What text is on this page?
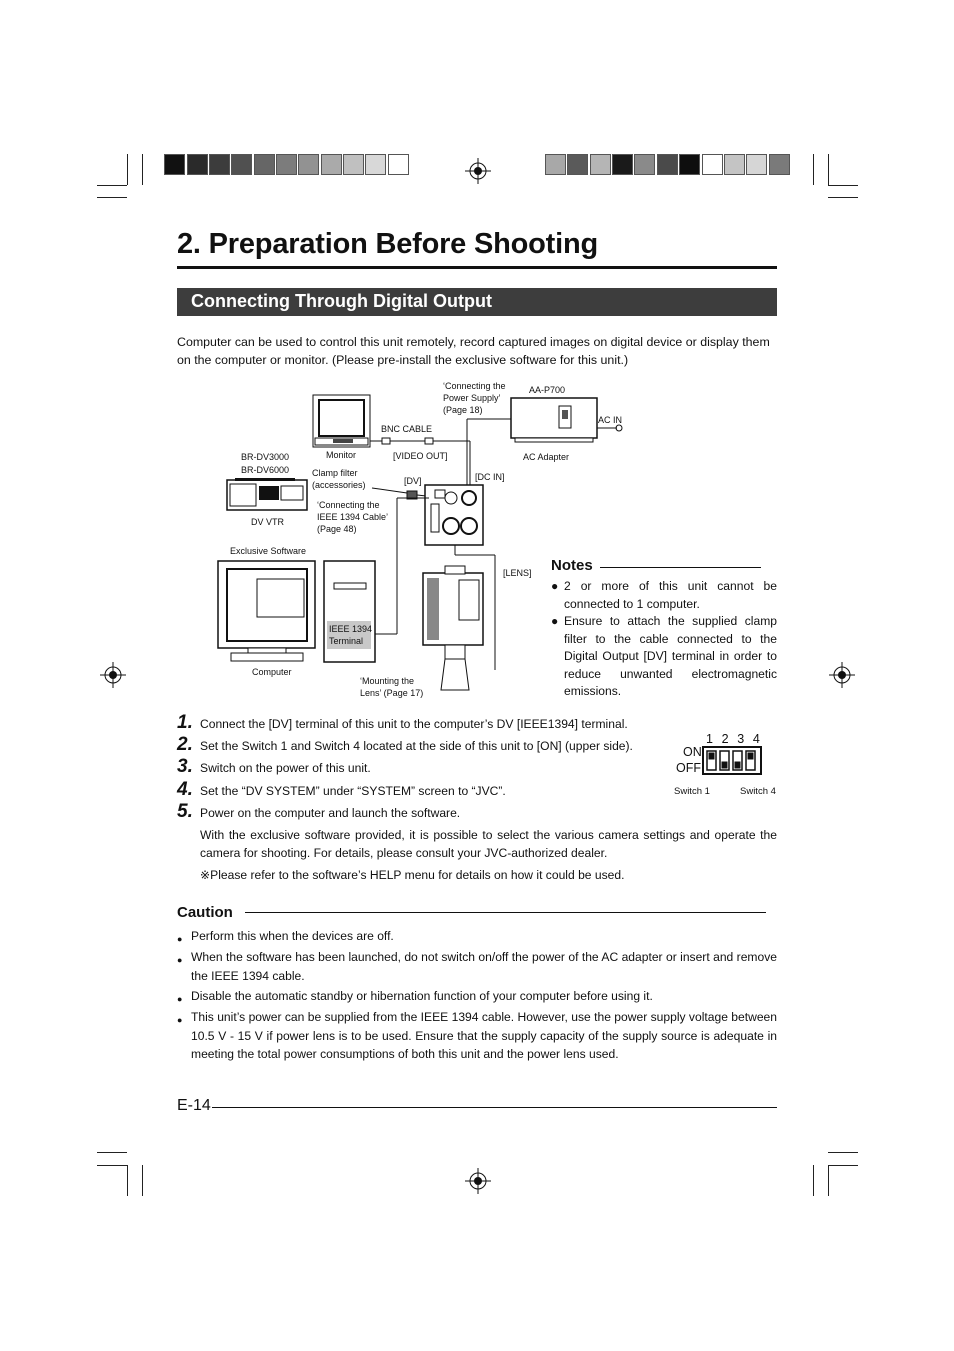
2. Preparation Before Shooting
Connecting Through Digital Output
Computer can be used to control this unit remotely, record captured images on digital device or display them on the computer or monitor. (Please pre-install the exclusive software for this unit.)
‘Connecting the
Power Supply’
(Page 18)
AA-P700
AC IN
AC Adapter
BNC CABLE
Monitor	[VIDEO OUT]
BR-DV3000
BR-DV6000	Clamp filter
(accessories)	[DV]	[DC IN]
‘Connecting the
IEEE 1394 Cable’
(Page 48)
DV VTR
Exclusive Software
[LENS]
IEEE 1394
Terminal
Computer
‘Mounting the
Lens’ (Page 17)
Notes
● 2 or more of this unit cannot be connected to 1 computer.
● Ensure to attach the supplied clamp filter to the cable connected to the Digital Output [DV] terminal in order to reduce unwanted electromagnetic emissions.
1. Connect the [DV] terminal of this unit to the computer’s DV [IEEE1394] terminal.
2. Set the Switch 1 and Switch 4 located at the side of this unit to [ON] (upper side).
3. Switch on the power of this unit.
4. Set the “DV SYSTEM” under “SYSTEM” screen to “JVC”.
5. Power on the computer and launch the software.
With the exclusive software provided, it is possible to select the various camera settings and operate the camera for shooting. For details, please consult your JVC-authorized dealer.
※Please refer to the software’s HELP menu for details on how it could be used.
1 2 3 4
ON
OFF
Switch 1	Switch 4
Caution
● Perform this when the devices are off.
● When the software has been launched, do not switch on/off the power of the AC adapter or insert and remove the IEEE 1394 cable.
● Disable the automatic standby or hibernation function of your computer before using it.
● This unit’s power can be supplied from the IEEE 1394 cable. However, use the power supply voltage between 10.5 V - 15 V if power lens is to be used. Ensure that the supply capacity of the supply source is adequate in meeting the total power consumptions of both this unit and the power lens used.
E-14
